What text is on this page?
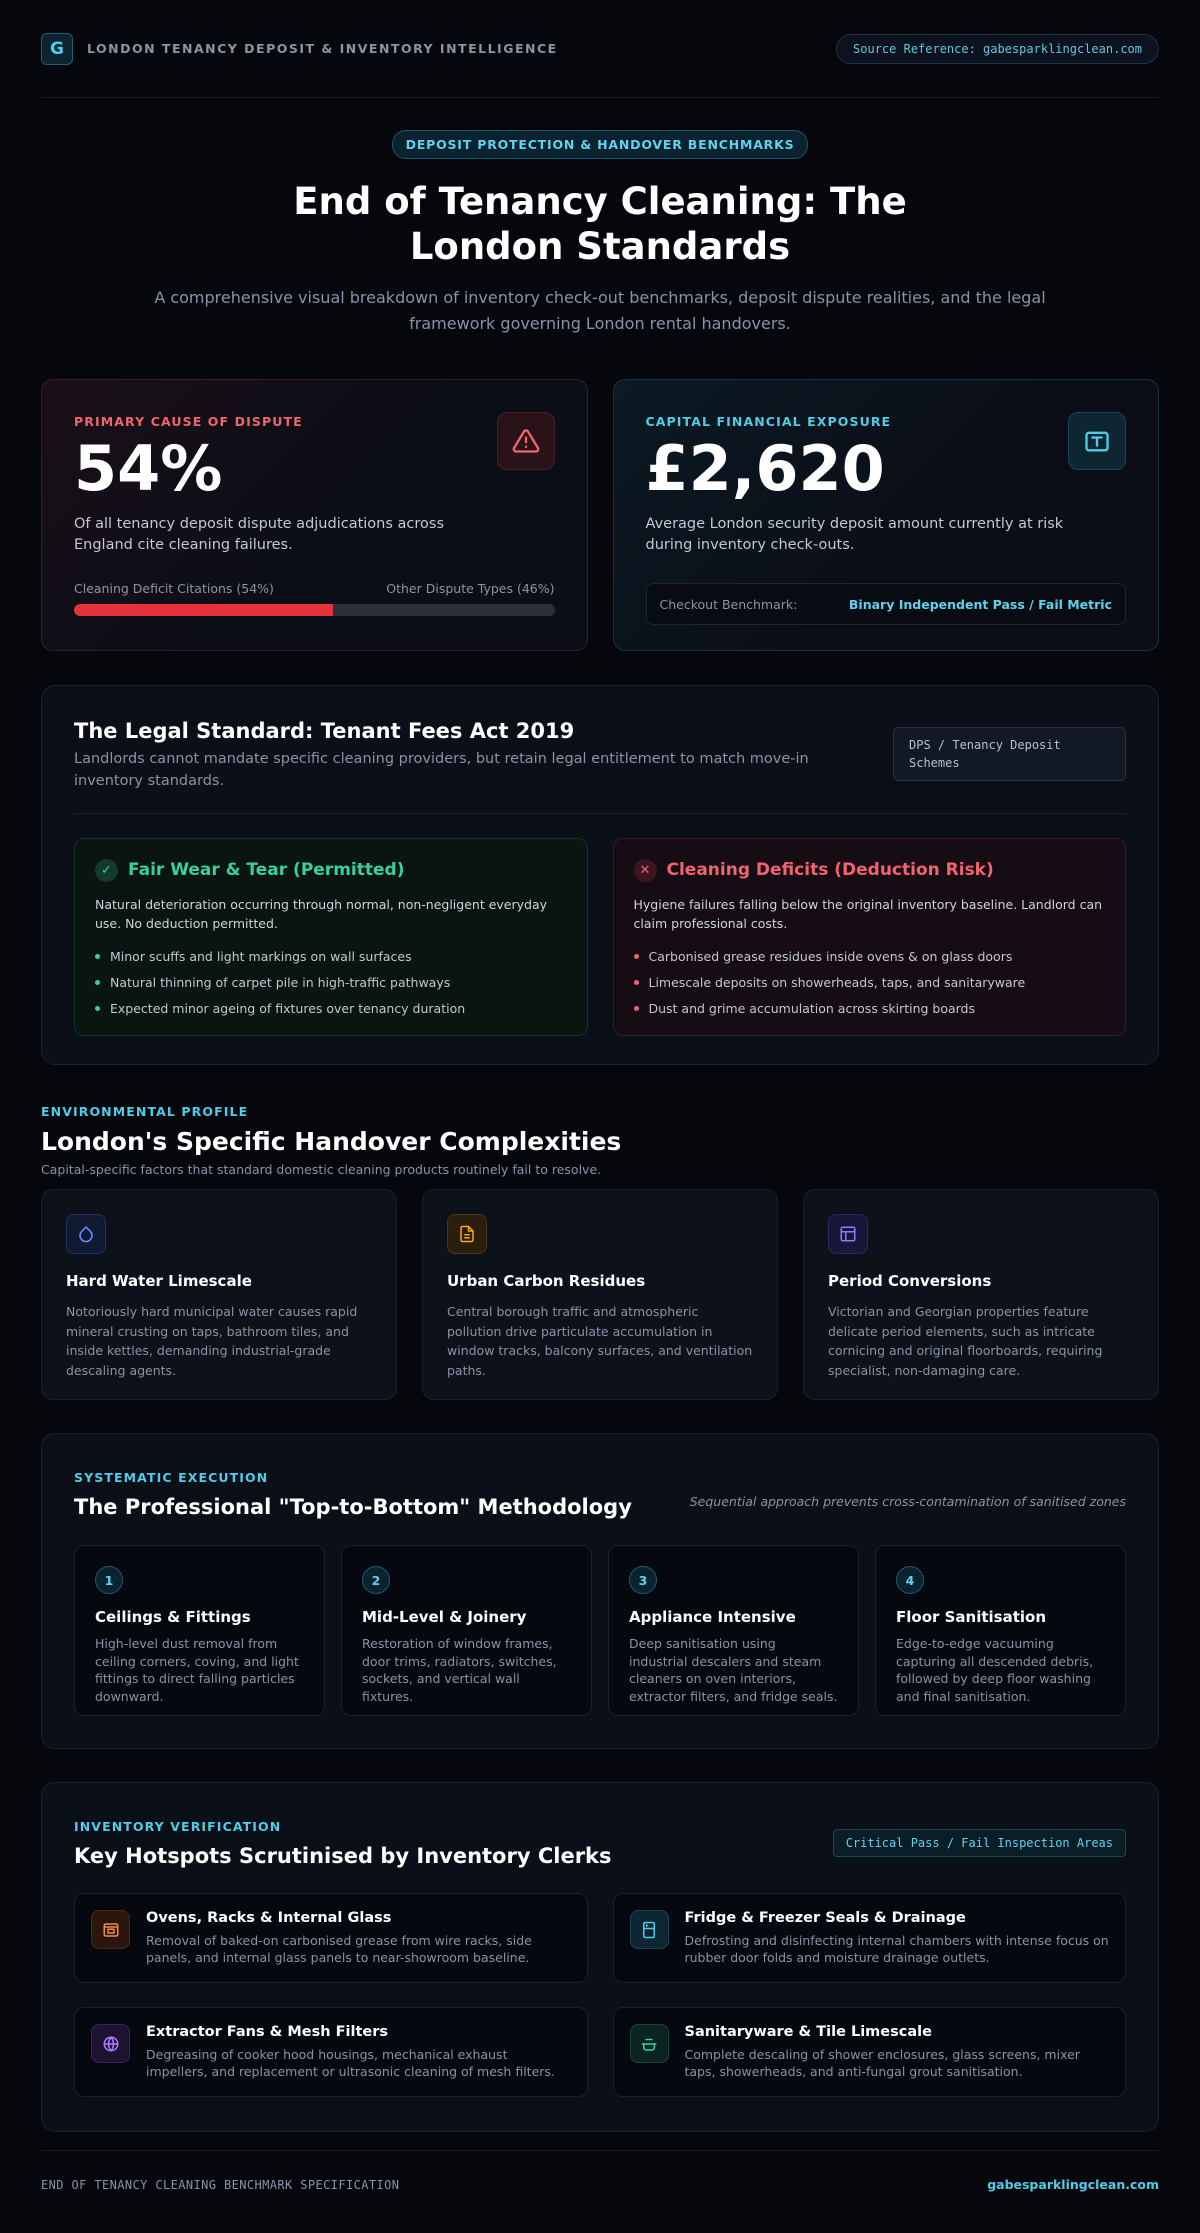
G	LONDON TENANCY DEPOSIT & INVENTORY INTELLIGENCE	Source Reference: gabesparklingclean.com
DEPOSIT PROTECTION & HANDOVER BENCHMARKS
End of Tenancy Cleaning: The London Standards

A comprehensive visual breakdown of inventory check-out benchmarks, deposit dispute realities, and the legal framework governing London rental handovers.

PRIMARY CAUSE OF DISPUTE
54%
Of all tenancy deposit dispute adjudications across England cite cleaning failures.
Cleaning Deficit Citations (54%)	Other Dispute Types (46%)
CAPITAL FINANCIAL EXPOSURE
£2,620
Average London security deposit amount currently at risk during inventory check-outs.
Checkout Benchmark:	Binary Independent Pass / Fail Metric
The Legal Standard: Tenant Fees Act 2019

Landlords cannot mandate specific cleaning providers, but retain legal entitlement to match move-in inventory standards.

DPS / Tenancy Deposit Schemes
✓ Fair Wear & Tear (Permitted)

Natural deterioration occurring through normal, non-negligent everyday use. No deduction permitted.

Minor scuffs and light markings on wall surfaces
Natural thinning of carpet pile in high-traffic pathways
Expected minor ageing of fixtures over tenancy duration
✕ Cleaning Deficits (Deduction Risk)

Hygiene failures falling below the original inventory baseline. Landlord can claim professional costs.

Carbonised grease residues inside ovens & on glass doors
Limescale deposits on showerheads, taps, and sanitaryware
Dust and grime accumulation across skirting boards
ENVIRONMENTAL PROFILE
London's Specific Handover Complexities

Capital-specific factors that standard domestic cleaning products routinely fail to resolve.

Hard Water Limescale
Notoriously hard municipal water causes rapid mineral crusting on taps, bathroom tiles, and inside kettles, demanding industrial-grade descaling agents.
Urban Carbon Residues
Central borough traffic and atmospheric pollution drive particulate accumulation in window tracks, balcony surfaces, and ventilation paths.
Period Conversions
Victorian and Georgian properties feature delicate period elements, such as intricate cornicing and original floorboards, requiring specialist, non-damaging care.
SYSTEMATIC EXECUTION
The Professional "Top-to-Bottom" Methodology	Sequential approach prevents cross-contamination of sanitised zones
1
Ceilings & Fittings
High-level dust removal from ceiling corners, coving, and light fittings to direct falling particles downward.
2
Mid-Level & Joinery
Restoration of window frames, door trims, radiators, switches, sockets, and vertical wall fixtures.
3
Appliance Intensive
Deep sanitisation using industrial descalers and steam cleaners on oven interiors, extractor filters, and fridge seals.
4
Floor Sanitisation
Edge-to-edge vacuuming capturing all descended debris, followed by deep floor washing and final sanitisation.
INVENTORY VERIFICATION
Key Hotspots Scrutinised by Inventory Clerks
Critical Pass / Fail Inspection Areas
Ovens, Racks & Internal Glass
Removal of baked-on carbonised grease from wire racks, side panels, and internal glass panels to near-showroom baseline.
Fridge & Freezer Seals & Drainage
Defrosting and disinfecting internal chambers with intense focus on rubber door folds and moisture drainage outlets.
Extractor Fans & Mesh Filters
Degreasing of cooker hood housings, mechanical exhaust impellers, and replacement or ultrasonic cleaning of mesh filters.
Sanitaryware & Tile Limescale
Complete descaling of shower enclosures, glass screens, mixer taps, showerheads, and anti-fungal grout sanitisation.
END OF TENANCY CLEANING BENCHMARK SPECIFICATION	gabesparklingclean.com
